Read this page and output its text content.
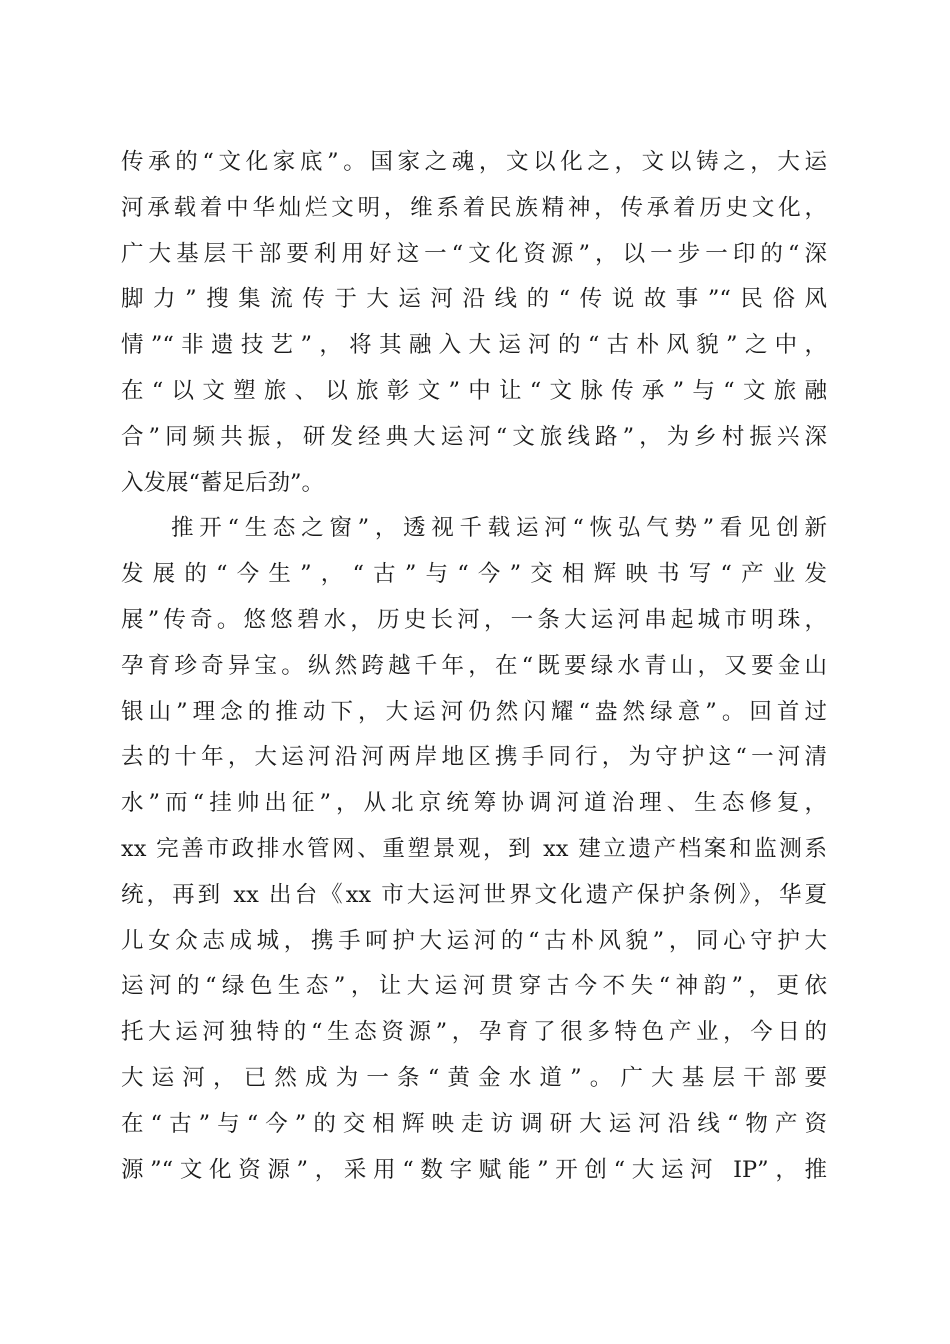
传承的“文化家底”。国家之魂，文以化之，文以铸之，大运
河承载着中华灿烂文明，维系着民族精神，传承着历史文化，
广大基层干部要利用好这一“文化资源”，以一步一印的“深
脚力”搜集流传于大运河沿线的“传说故事”“民俗风
情”“非遗技艺”，将其融入大运河的“古朴风貌”之中，
在“以文塑旅、以旅彰文”中让“文脉传承”与“文旅融
合”同频共振，研发经典大运河“文旅线路”，为乡村振兴深
入发展“蓄足后劲”。
推开“生态之窗”，透视千载运河“恢弘气势”看见创新
发展的“今生”，“古”与“今”交相辉映书写“产业发
展”传奇。悠悠碧水，历史长河，一条大运河串起城市明珠，
孕育珍奇异宝。纵然跨越千年，在“既要绿水青山，又要金山
银山”理念的推动下，大运河仍然闪耀“盎然绿意”。回首过
去的十年，大运河沿河两岸地区携手同行，为守护这“一河清
水”而“挂帅出征”，从北京统筹协调河道治理、生态修复，
xx 完善市政排水管网、重塑景观，到 xx 建立遗产档案和监测系
统，再到 xx 出台《xx 市大运河世界文化遗产保护条例》，华夏
儿女众志成城，携手呵护大运河的“古朴风貌”，同心守护大
运河的“绿色生态”，让大运河贯穿古今不失“神韵”，更依
托大运河独特的“生态资源”，孕育了很多特色产业，今日的
大运河，已然成为一条“黄金水道”。广大基层干部要
在“古”与“今”的交相辉映走访调研大运河沿线“物产资
源”“文化资源”，采用“数字赋能”开创“大运河 IP”，推
